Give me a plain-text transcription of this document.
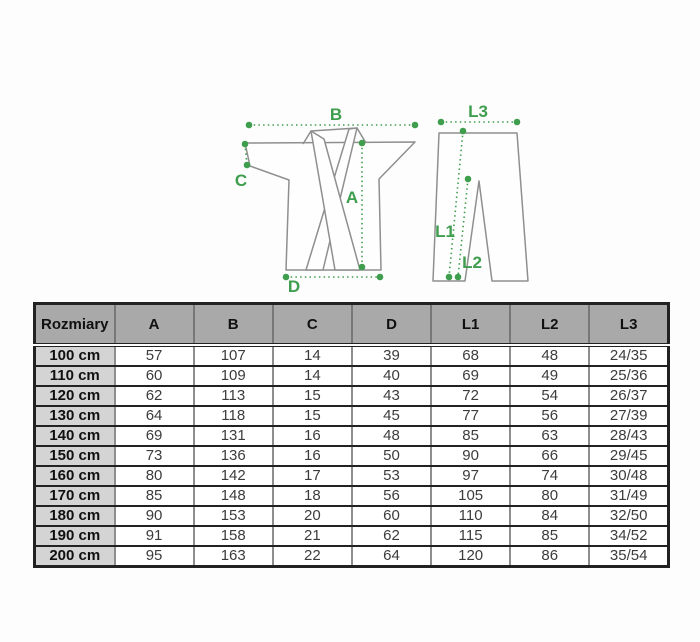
B
C
A
D
L3
L1
L2
Rozmiary	A	B	C	D	L1	L2	L3
100 cm	57	107	14	39	68	48	24/35
110 cm	60	109	14	40	69	49	25/36
120 cm	62	113	15	43	72	54	26/37
130 cm	64	118	15	45	77	56	27/39
140 cm	69	131	16	48	85	63	28/43
150 cm	73	136	16	50	90	66	29/45
160 cm	80	142	17	53	97	74	30/48
170 cm	85	148	18	56	105	80	31/49
180 cm	90	153	20	60	110	84	32/50
190 cm	91	158	21	62	115	85	34/52
200 cm	95	163	22	64	120	86	35/54
